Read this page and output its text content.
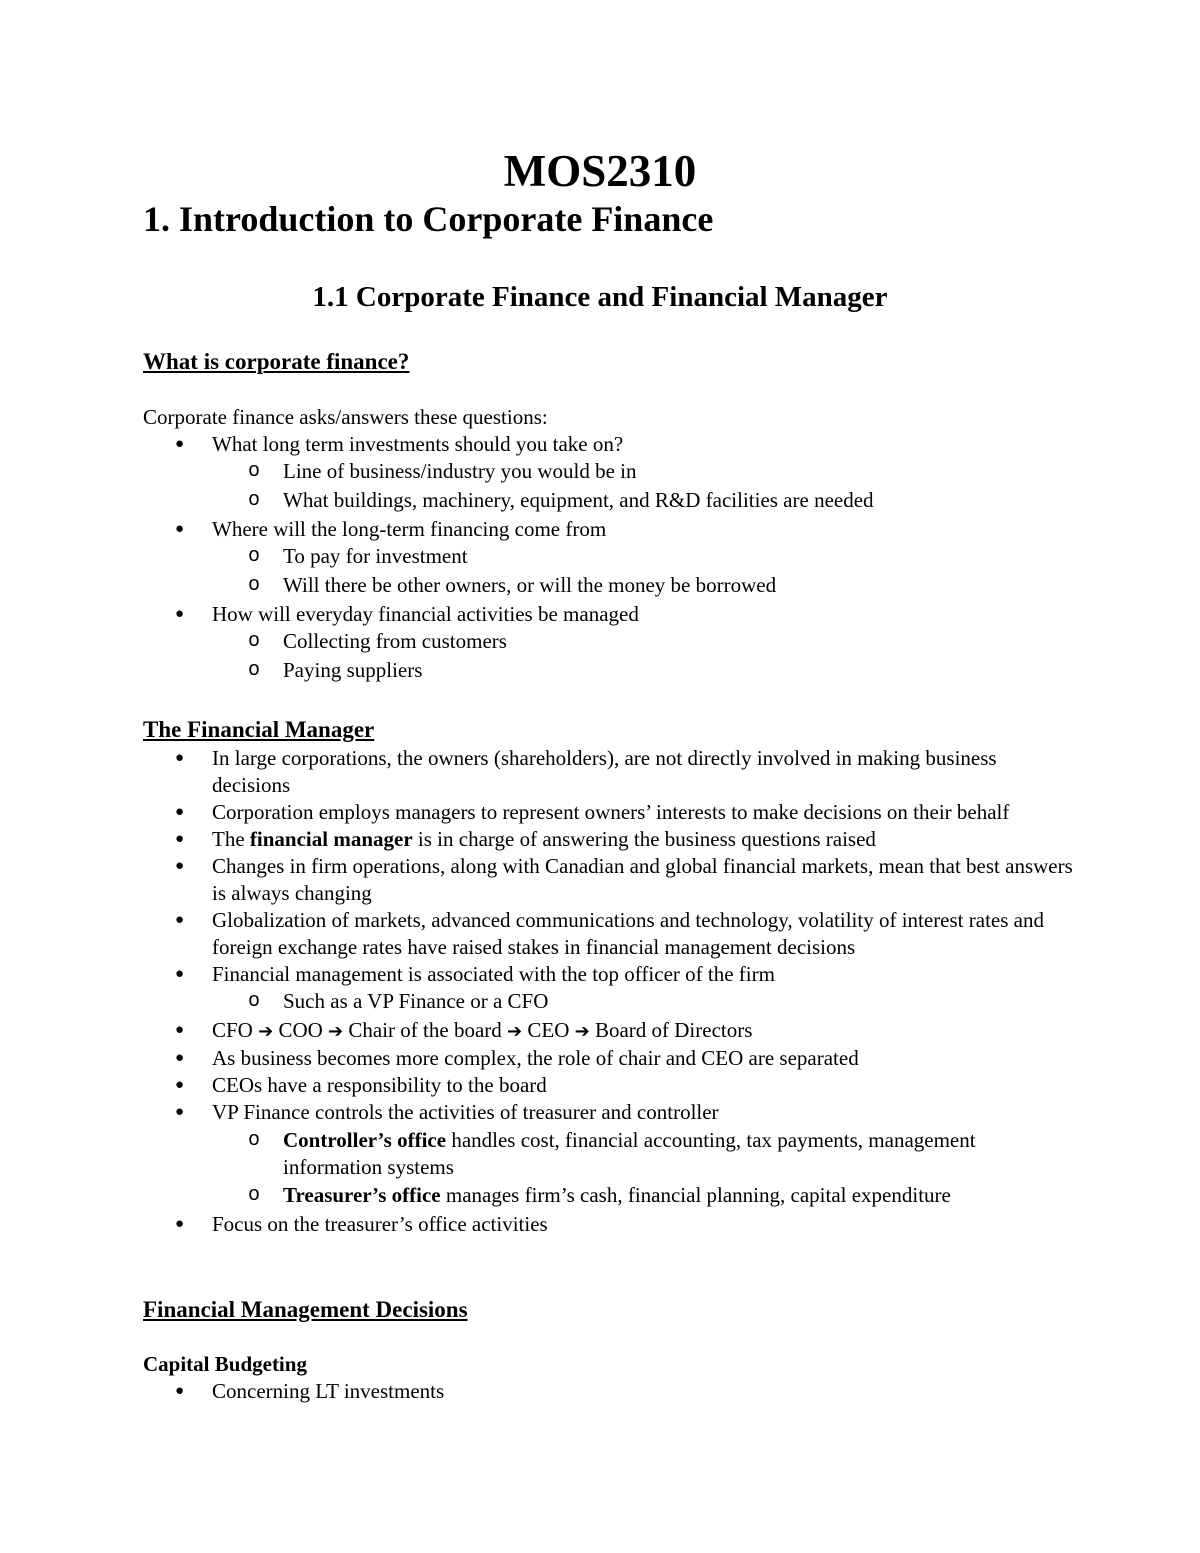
MOS2310
1. Introduction to Corporate Finance
1.1 Corporate Finance and Financial Manager
What is corporate finance?

Corporate finance asks/answers these questions:

● What long term investments should you take on?
o Line of business/industry you would be in
o What buildings, machinery, equipment, and R&D facilities are needed
● Where will the long-term financing come from
o To pay for investment
o Will there be other owners, or will the money be borrowed
● How will everyday financial activities be managed
o Collecting from customers
o Paying suppliers
The Financial Manager
● In large corporations, the owners (shareholders), are not directly involved in making business decisions
● Corporation employs managers to represent owners’ interests to make decisions on their behalf
● The financial manager is in charge of answering the business questions raised
● Changes in firm operations, along with Canadian and global financial markets, mean that best answers is always changing
● Globalization of markets, advanced communications and technology, volatility of interest rates and foreign exchange rates have raised stakes in financial management decisions
● Financial management is associated with the top officer of the firm
o Such as a VP Finance or a CFO
● CFO ➔ COO ➔ Chair of the board ➔ CEO ➔ Board of Directors
● As business becomes more complex, the role of chair and CEO are separated
● CEOs have a responsibility to the board
● VP Finance controls the activities of treasurer and controller
o Controller’s office handles cost, financial accounting, tax payments, management information systems
o Treasurer’s office manages firm’s cash, financial planning, capital expenditure
● Focus on the treasurer’s office activities
Financial Management Decisions
Capital Budgeting
● Concerning LT investments
